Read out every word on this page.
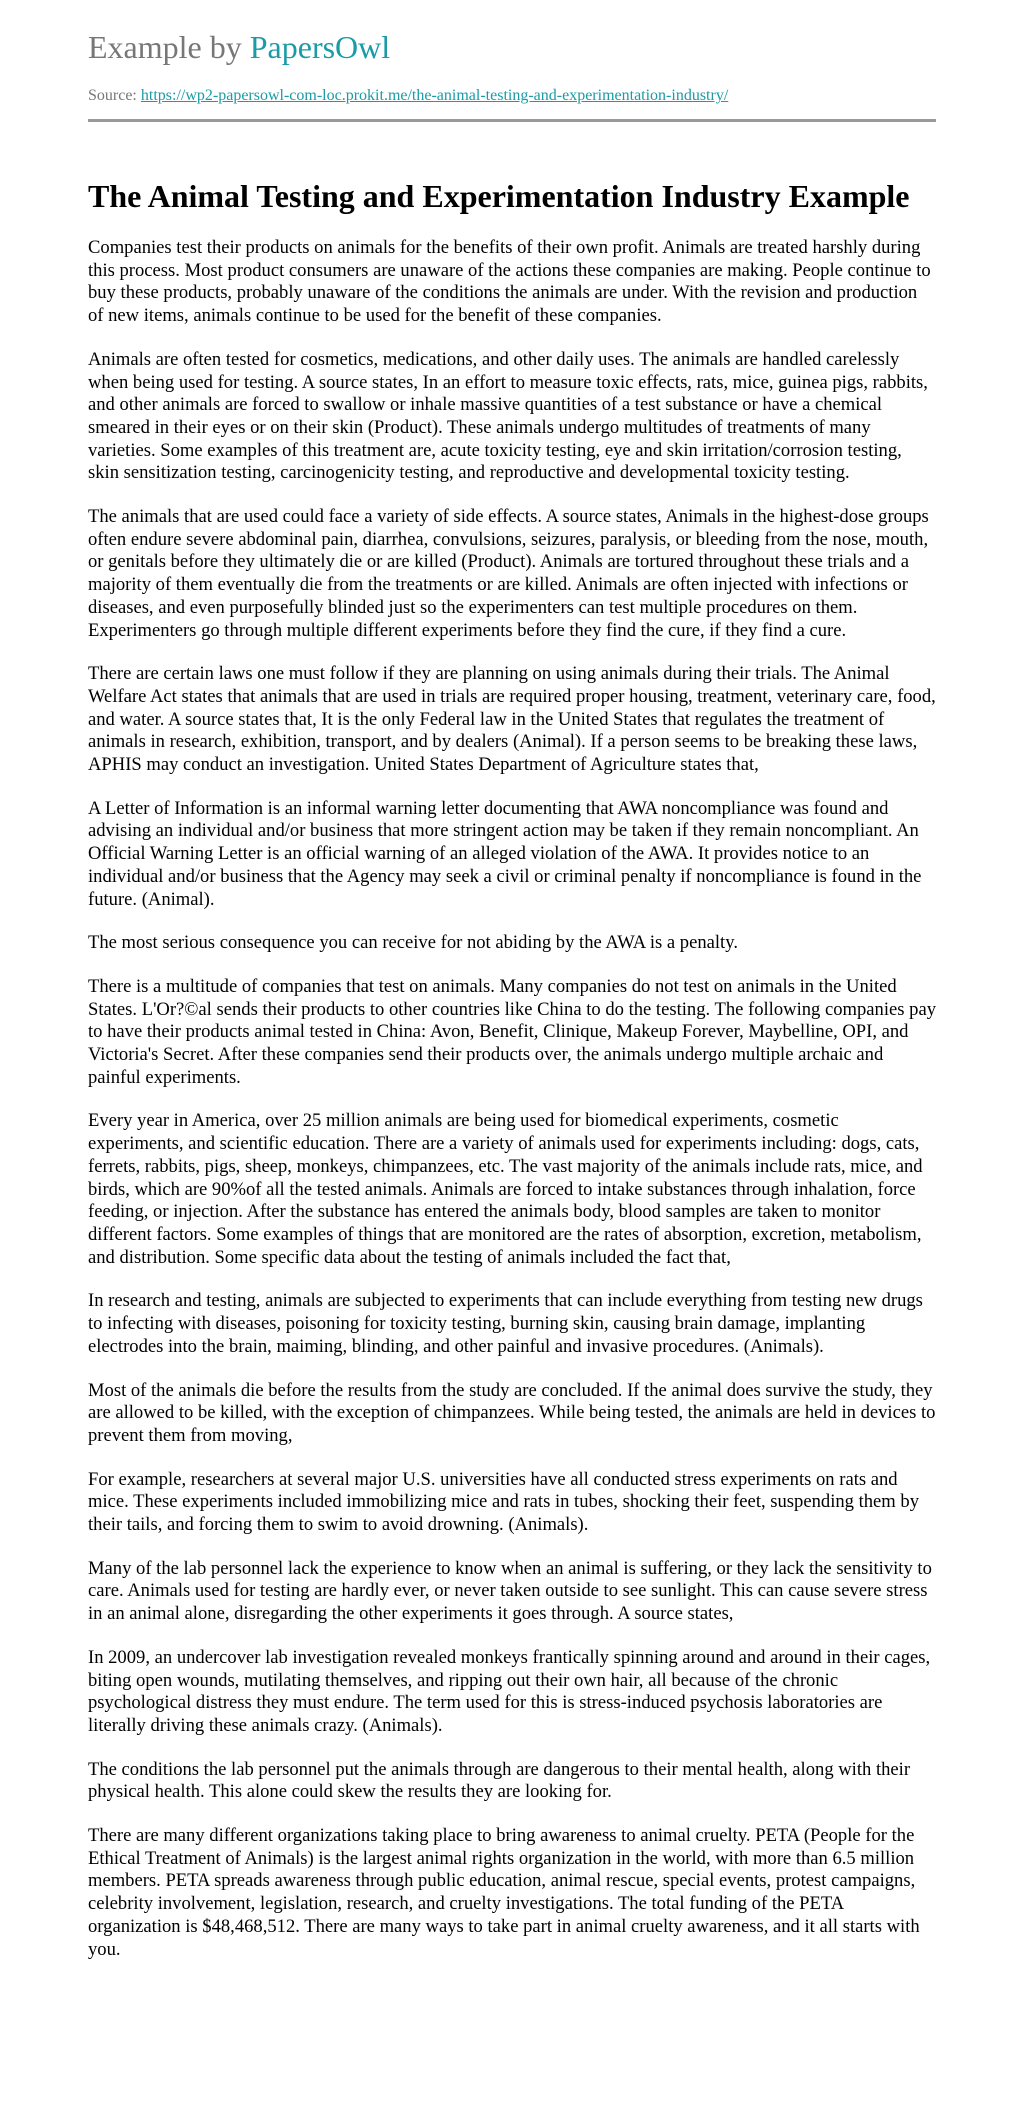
Example by PapersOwl

Source: https://wp2-papersowl-com-loc.prokit.me/the-animal-testing-and-experimentation-industry/
The Animal Testing and Experimentation Industry Example

Companies test their products on animals for the benefits of their own profit. Animals are treated harshly during this process. Most product consumers are unaware of the actions these companies are making. People continue to buy these products, probably unaware of the conditions the animals are under. With the revision and production of new items, animals continue to be used for the benefit of these companies.

Animals are often tested for cosmetics, medications, and other daily uses. The animals are handled carelessly when being used for testing. A source states, In an effort to measure toxic effects, rats, mice, guinea pigs, rabbits, and other animals are forced to swallow or inhale massive quantities of a test substance or have a chemical smeared in their eyes or on their skin (Product). These animals undergo multitudes of treatments of many varieties. Some examples of this treatment are, acute toxicity testing, eye and skin irritation/corrosion testing, skin sensitization testing, carcinogenicity testing, and reproductive and developmental toxicity testing.

The animals that are used could face a variety of side effects. A source states, Animals in the highest-dose groups often endure severe abdominal pain, diarrhea, convulsions, seizures, paralysis, or bleeding from the nose, mouth, or genitals before they ultimately die or are killed (Product). Animals are tortured throughout these trials and a majority of them eventually die from the treatments or are killed. Animals are often injected with infections or diseases, and even purposefully blinded just so the experimenters can test multiple procedures on them. Experimenters go through multiple different experiments before they find the cure, if they find a cure.

There are certain laws one must follow if they are planning on using animals during their trials. The Animal Welfare Act states that animals that are used in trials are required proper housing, treatment, veterinary care, food, and water. A source states that, It is the only Federal law in the United States that regulates the treatment of animals in research, exhibition, transport, and by dealers (Animal). If a person seems to be breaking these laws, APHIS may conduct an investigation. United States Department of Agriculture states that,

A Letter of Information is an informal warning letter documenting that AWA noncompliance was found and advising an individual and/or business that more stringent action may be taken if they remain noncompliant. An Official Warning Letter is an official warning of an alleged violation of the AWA. It provides notice to an individual and/or business that the Agency may seek a civil or criminal penalty if noncompliance is found in the future. (Animal).

The most serious consequence you can receive for not abiding by the AWA is a penalty.

There is a multitude of companies that test on animals. Many companies do not test on animals in the United States. L'Or?©al sends their products to other countries like China to do the testing. The following companies pay to have their products animal tested in China: Avon, Benefit, Clinique, Makeup Forever, Maybelline, OPI, and Victoria's Secret. After these companies send their products over, the animals undergo multiple archaic and painful experiments.

Every year in America, over 25 million animals are being used for biomedical experiments, cosmetic experiments, and scientific education. There are a variety of animals used for experiments including: dogs, cats, ferrets, rabbits, pigs, sheep, monkeys, chimpanzees, etc. The vast majority of the animals include rats, mice, and birds, which are 90%of all the tested animals. Animals are forced to intake substances through inhalation, force feeding, or injection. After the substance has entered the animals body, blood samples are taken to monitor different factors. Some examples of things that are monitored are the rates of absorption, excretion, metabolism, and distribution. Some specific data about the testing of animals included the fact that,

In research and testing, animals are subjected to experiments that can include everything from testing new drugs to infecting with diseases, poisoning for toxicity testing, burning skin, causing brain damage, implanting electrodes into the brain, maiming, blinding, and other painful and invasive procedures. (Animals).

Most of the animals die before the results from the study are concluded. If the animal does survive the study, they are allowed to be killed, with the exception of chimpanzees. While being tested, the animals are held in devices to prevent them from moving,

For example, researchers at several major U.S. universities have all conducted stress experiments on rats and mice. These experiments included immobilizing mice and rats in tubes, shocking their feet, suspending them by their tails, and forcing them to swim to avoid drowning. (Animals).

Many of the lab personnel lack the experience to know when an animal is suffering, or they lack the sensitivity to care. Animals used for testing are hardly ever, or never taken outside to see sunlight. This can cause severe stress in an animal alone, disregarding the other experiments it goes through. A source states,

In 2009, an undercover lab investigation revealed monkeys frantically spinning around and around in their cages, biting open wounds, mutilating themselves, and ripping out their own hair, all because of the chronic psychological distress they must endure. The term used for this is stress-induced psychosis laboratories are literally driving these animals crazy. (Animals).

The conditions the lab personnel put the animals through are dangerous to their mental health, along with their physical health. This alone could skew the results they are looking for.

There are many different organizations taking place to bring awareness to animal cruelty. PETA (People for the Ethical Treatment of Animals) is the largest animal rights organization in the world, with more than 6.5 million members. PETA spreads awareness through public education, animal rescue, special events, protest campaigns, celebrity involvement, legislation, research, and cruelty investigations. The total funding of the PETA organization is $48,468,512. There are many ways to take part in animal cruelty awareness, and it all starts with you.
